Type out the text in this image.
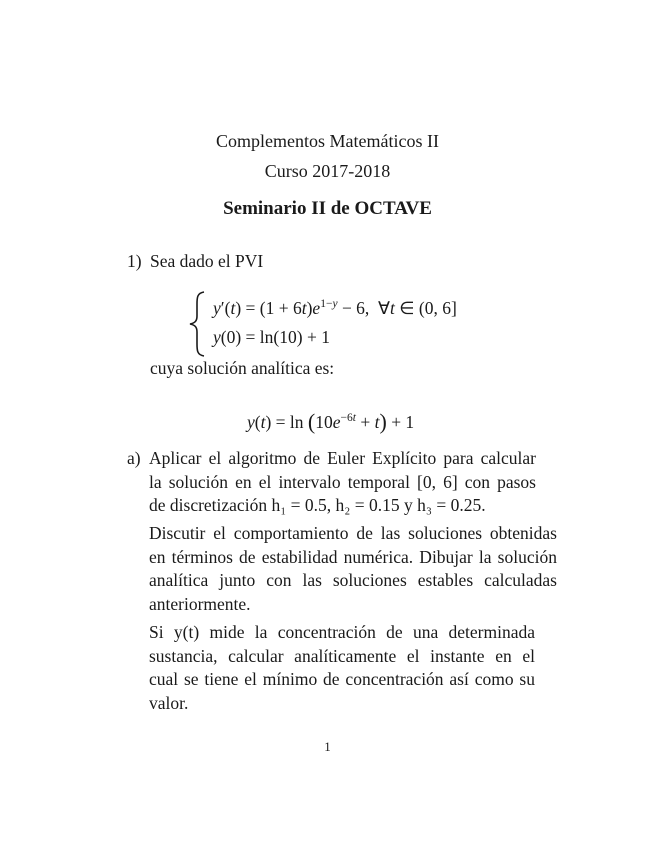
Complementos Matemáticos II
Curso 2017-2018
Seminario II de OCTAVE
1) Sea dado el PVI
$y'(t) = (1 + 6t)e^{1-y} - 6$,  ∀t ∈ (0, 6]
y(0) = ln(10) + 1
cuya solución analítica es:
$y(t) = \ln (10e^{-6t} + t) + 1$
a) Aplicar el algoritmo de Euler Explícito para calcular
la solución en el intervalo temporal [0, 6] con pasos
de discretización h₁ = 0.5, h₂ = 0.15 y h₃ = 0.25.
Discutir el comportamiento de las soluciones obtenidas
en términos de estabilidad numérica. Dibujar la solución
analítica junto con las soluciones estables calculadas
anteriormente.
Si y(t) mide la concentración de una determinada
sustancia, calcular analíticamente el instante en el
cual se tiene el mínimo de concentración así como su
valor.
1
